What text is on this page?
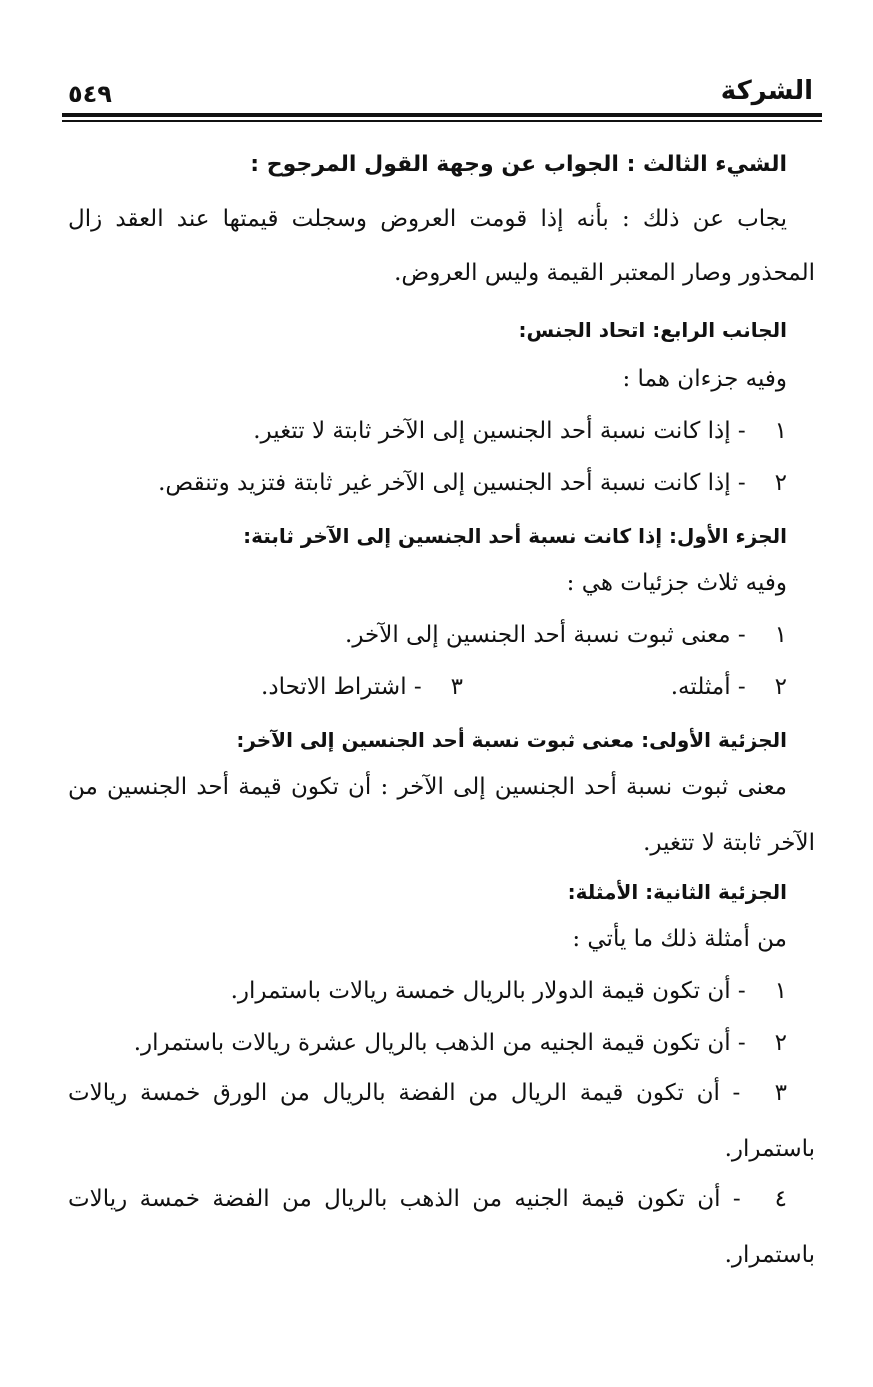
الشركة
٥٤٩
الشيء الثالث : الجواب عن وجهة القول المرجوح :
يجاب عن ذلك : بأنه إذا قومت العروض وسجلت قيمتها عند العقد زال
المحذور وصار المعتبر القيمة وليس العروض.
الجانب الرابع: اتحاد الجنس:
وفيه جزءان هما :
١ - إذا كانت نسبة أحد الجنسين إلى الآخر ثابتة لا تتغير.
٢ - إذا كانت نسبة أحد الجنسين إلى الآخر غير ثابتة فتزيد وتنقص.
الجزء الأول: إذا كانت نسبة أحد الجنسين إلى الآخر ثابتة:
وفيه ثلاث جزئيات هي :
١ - معنى ثبوت نسبة أحد الجنسين إلى الآخر.
٢ - أمثلته.
٣ - اشتراط الاتحاد.
الجزئية الأولى: معنى ثبوت نسبة أحد الجنسين إلى الآخر:
معنى ثبوت نسبة أحد الجنسين إلى الآخر : أن تكون قيمة أحد الجنسين من
الآخر ثابتة لا تتغير.
الجزئية الثانية: الأمثلة:
من أمثلة ذلك ما يأتي :
١ - أن تكون قيمة الدولار بالريال خمسة ريالات باستمرار.
٢ - أن تكون قيمة الجنيه من الذهب بالريال عشرة ريالات باستمرار.
٣ - أن تكون قيمة الريال من الفضة بالريال من الورق خمسة ريالات
باستمرار.
٤ - أن تكون قيمة الجنيه من الذهب بالريال من الفضة خمسة ريالات
باستمرار.
